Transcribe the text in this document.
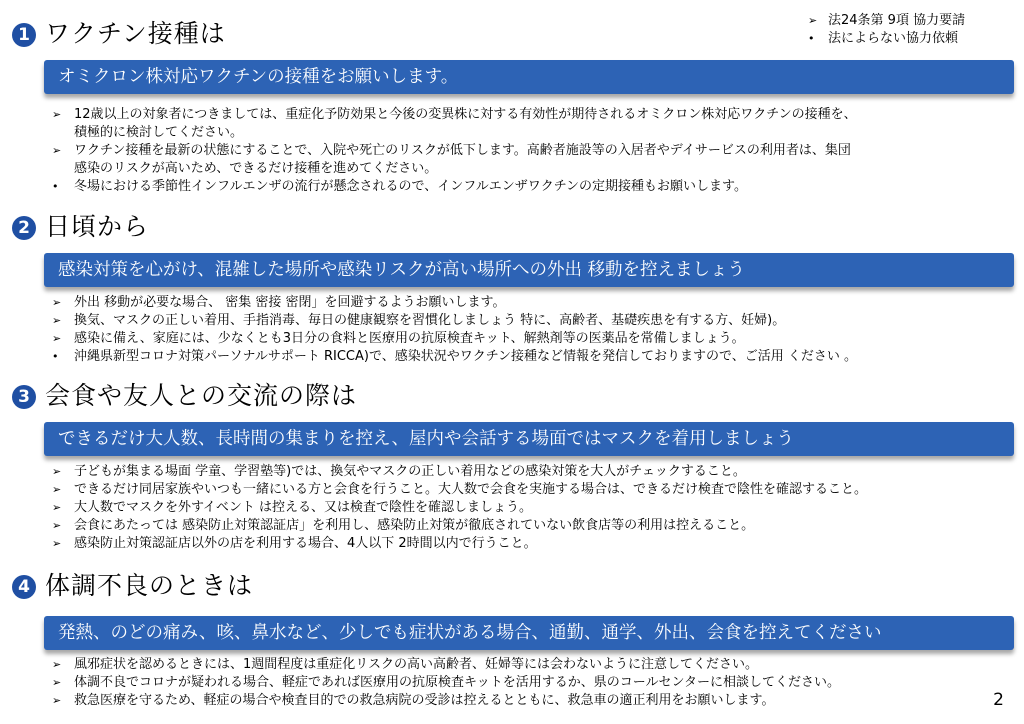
➢ 法24条第 9項 協力要請
• 法によらない協力依頼
1 ワクチン接種は
オミクロン株対応ワクチンの接種をお願いします。
➢ 12歳以上の対象者につきましては、重症化予防効果と今後の変異株に対する有効性が期待されるオミクロン株対応ワクチンの接種を、
積極的に検討してください。
➢ ワクチン接種を最新の状態にすることで、入院や死亡のリスクが低下します。高齢者施設等の入居者やデイサービスの利用者は、集団
感染のリスクが高いため、できるだけ接種を進めてください。
• 冬場における季節性インフルエンザの流行が懸念されるので、インフルエンザワクチンの定期接種もお願いします。
2 日頃から
感染対策を心がけ、混雑した場所や感染リスクが高い場所への外出 移動を控えましょう
➢ 外出 移動が必要な場合、 密集 密接 密閉」を回避するようお願いします。
➢ 換気、マスクの正しい着用、手指消毒、毎日の健康観察を習慣化しましょう 特に、高齢者、基礎疾患を有する方、妊婦)。
➢ 感染に備え、家庭には、少なくとも3日分の食料と医療用の抗原検査キット、解熱剤等の医薬品を常備しましょう。
• 沖縄県新型コロナ対策パーソナルサポート RICCA)で、感染状況やワクチン接種など情報を発信しておりますので、ご活用 ください 。
3 会食や友人との交流の際は
できるだけ大人数、長時間の集まりを控え、屋内や会話する場面ではマスクを着用しましょう
➢ 子どもが集まる場面 学童、学習塾等)では、換気やマスクの正しい着用などの感染対策を大人がチェックすること。
➢ できるだけ同居家族やいつも一緒にいる方と会食を行うこと。大人数で会食を実施する場合は、できるだけ検査で陰性を確認すること。
➢ 大人数でマスクを外すイベント は控える、又は検査で陰性を確認しましょう。
➢ 会食にあたっては 感染防止対策認証店」を利用し、感染防止対策が徹底されていない飲食店等の利用は控えること。
➢ 感染防止対策認証店以外の店を利用する場合、4人以下 2時間以内で行うこと。
4 体調不良のときは
発熱、のどの痛み、咳、鼻水など、少しでも症状がある場合、通勤、通学、外出、会食を控えてください
➢ 風邪症状を認めるときには、1週間程度は重症化リスクの高い高齢者、妊婦等には会わないように注意してください。
➢ 体調不良でコロナが疑われる場合、軽症であれば医療用の抗原検査キットを活用するか、県のコールセンターに相談してください。
➢ 救急医療を守るため、軽症の場合や検査目的での救急病院の受診は控えるとともに、救急車の適正利用をお願いします。	2
